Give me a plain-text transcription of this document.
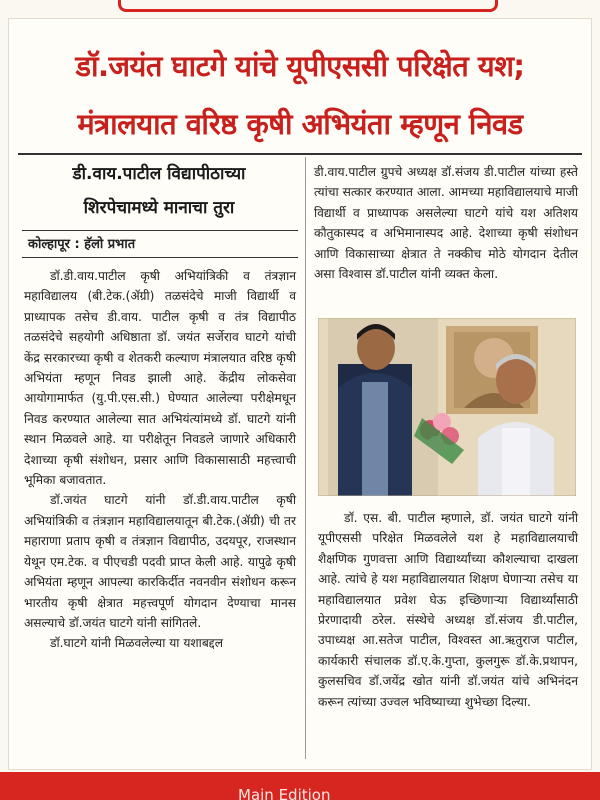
डॉ.जयंत घाटगे यांचे यूपीएससी परिक्षेत यश;
मंत्रालयात वरिष्ठ कृषी अभियंता म्हणून निवड
डी.वाय.पाटील विद्यापीठाच्या
शिरपेचामध्ये मानाचा तुरा
कोल्हापूर : हॅलो प्रभात

डॉ.डी.वाय.पाटील कृषी अभियांत्रिकी व तंत्रज्ञान महाविद्यालय (बी.टेक.(ॲग्री) तळसंदेचे माजी विद्यार्थी व प्राध्यापक तसेच डी.वाय. पाटील कृषी व तंत्र विद्यापीठ तळसंदेचे सहयोगी अधिष्ठाता डॉ. जयंत सर्जेराव घाटगे यांची केंद्र सरकारच्या कृषी व शेतकरी कल्याण मंत्रालयात वरिष्ठ कृषी अभियंता म्हणून निवड झाली आहे. केंद्रीय लोकसेवा आयोगामार्फत (यु.पी.एस.सी.) घेण्यात आलेल्या परीक्षेमधून निवड करण्यात आलेल्या सात अभियंत्यांमध्ये डॉ. घाटगे यांनी स्थान मिळवले आहे. या परीक्षेतून निवडले जाणारे अधिकारी देशाच्या कृषी संशोधन, प्रसार आणि विकासासाठी महत्त्वाची भूमिका बजावतात.

डॉ.जयंत घाटगे यांनी डॉ.डी.वाय.पाटील कृषी अभियांत्रिकी व तंत्रज्ञान महाविद्यालयातून बी.टेक.(ॲग्री) ची तर महाराणा प्रताप कृषी व तंत्रज्ञान विद्यापीठ, उदयपूर, राजस्थान येथून एम.टेक. व पीएचडी पदवी प्राप्त केली आहे. यापुढे कृषी अभियंता म्हणून आपल्या कारकिर्दीत नवनवीन संशोधन करून भारतीय कृषी क्षेत्रात महत्त्वपूर्ण योगदान देण्याचा मानस असल्याचे डॉ.जयंत घाटगे यांनी सांगितले.

डॉ.घाटगे यांनी मिळवलेल्या या यशाबद्दल

डी.वाय.पाटील ग्रुपचे अध्यक्ष डॉ.संजय डी.पाटील यांच्या हस्ते त्यांचा सत्कार करण्यात आला. आमच्या महाविद्यालयाचे माजी विद्यार्थी व प्राध्यापक असलेल्या घाटगे यांचे यश अतिशय कौतुकास्पद व अभिमानास्पद आहे. देशाच्या कृषी संशोधन आणि विकासाच्या क्षेत्रात ते नक्कीच मोठे योगदान देतील असा विश्वास डॉ.पाटील यांनी व्यक्त केला.

डॉ. एस. बी. पाटील म्हणाले, डॉ. जयंत घाटगे यांनी यूपीएससी परिक्षेत मिळवलेले यश हे महाविद्यालयाची शैक्षणिक गुणवत्ता आणि विद्यार्थ्यांच्या कौशल्याचा दाखला आहे. त्यांचे हे यश महाविद्यालयात शिक्षण घेणाऱ्या तसेच या महाविद्यालयात प्रवेश घेऊ इच्छिणाऱ्या विद्यार्थ्यांसाठी प्रेरणादायी ठरेल. संस्थेचे अध्यक्ष डॉ.संजय डी.पाटील, उपाध्यक्ष आ.सतेज पाटील, विश्वस्त आ.ऋतुराज पाटील, कार्यकारी संचालक डॉ.ए.के.गुप्ता, कुलगुरू डॉ.के.प्रथापन, कुलसचिव डॉ.जयेंद्र खोत यांनी डॉ.जयंत यांचे अभिनंदन करून त्यांच्या उज्वल भविष्याच्या शुभेच्छा दिल्या.

Main Edition
